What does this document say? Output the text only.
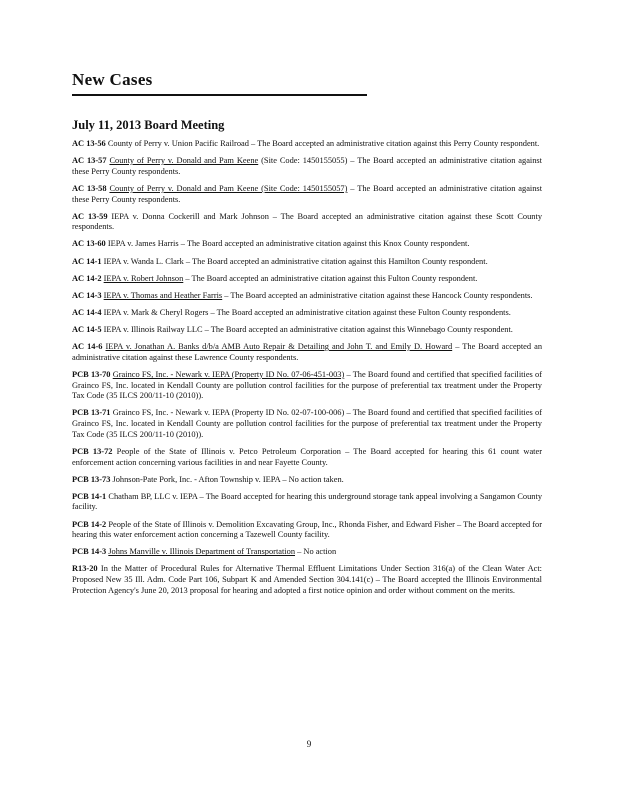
New Cases
July 11, 2013 Board Meeting
AC 13-56 County of Perry v. Union Pacific Railroad – The Board accepted an administrative citation against this Perry County respondent.
AC 13-57 County of Perry v. Donald and Pam Keene (Site Code: 1450155055) – The Board accepted an administrative citation against these Perry County respondents.
AC 13-58 County of Perry v. Donald and Pam Keene (Site Code: 1450155057) – The Board accepted an administrative citation against these Perry County respondents.
AC 13-59 IEPA v. Donna Cockerill and Mark Johnson – The Board accepted an administrative citation against these Scott County respondents.
AC 13-60 IEPA v. James Harris – The Board accepted an administrative citation against this Knox County respondent.
AC 14-1 IEPA v. Wanda L. Clark – The Board accepted an administrative citation against this Hamilton County respondent.
AC 14-2 IEPA v. Robert Johnson – The Board accepted an administrative citation against this Fulton County respondent.
AC 14-3 IEPA v. Thomas and Heather Farris – The Board accepted an administrative citation against these Hancock County respondents.
AC 14-4 IEPA v. Mark & Cheryl Rogers – The Board accepted an administrative citation against these Fulton County respondents.
AC 14-5 IEPA v. Illinois Railway LLC – The Board accepted an administrative citation against this Winnebago County respondent.
AC 14-6 IEPA v. Jonathan A. Banks d/b/a AMB Auto Repair & Detailing and John T. and Emily D. Howard – The Board accepted an administrative citation against these Lawrence County respondents.
PCB 13-70 Grainco FS, Inc. - Newark v. IEPA (Property ID No. 07-06-451-003) – The Board found and certified that specified facilities of Grainco FS, Inc. located in Kendall County are pollution control facilities for the purpose of preferential tax treatment under the Property Tax Code (35 ILCS 200/11-10 (2010)).
PCB 13-71 Grainco FS, Inc. - Newark v. IEPA (Property ID No. 02-07-100-006) – The Board found and certified that specified facilities of Grainco FS, Inc. located in Kendall County are pollution control facilities for the purpose of preferential tax treatment under the Property Tax Code (35 ILCS 200/11-10 (2010)).
PCB 13-72 People of the State of Illinois v. Petco Petroleum Corporation – The Board accepted for hearing this 61 count water enforcement action concerning various facilities in and near Fayette County.
PCB 13-73 Johnson-Pate Pork, Inc. - Afton Township v. IEPA – No action taken.
PCB 14-1 Chatham BP, LLC v. IEPA – The Board accepted for hearing this underground storage tank appeal involving a Sangamon County facility.
PCB 14-2 People of the State of Illinois v. Demolition Excavating Group, Inc., Rhonda Fisher, and Edward Fisher – The Board accepted for hearing this water enforcement action concerning a Tazewell County facility.
PCB 14-3 Johns Manville v. Illinois Department of Transportation – No action
R13-20 In the Matter of Procedural Rules for Alternative Thermal Effluent Limitations Under Section 316(a) of the Clean Water Act: Proposed New 35 Ill. Adm. Code Part 106, Subpart K and Amended Section 304.141(c) – The Board accepted the Illinois Environmental Protection Agency's June 20, 2013 proposal for hearing and adopted a first notice opinion and order without comment on the merits.
9
